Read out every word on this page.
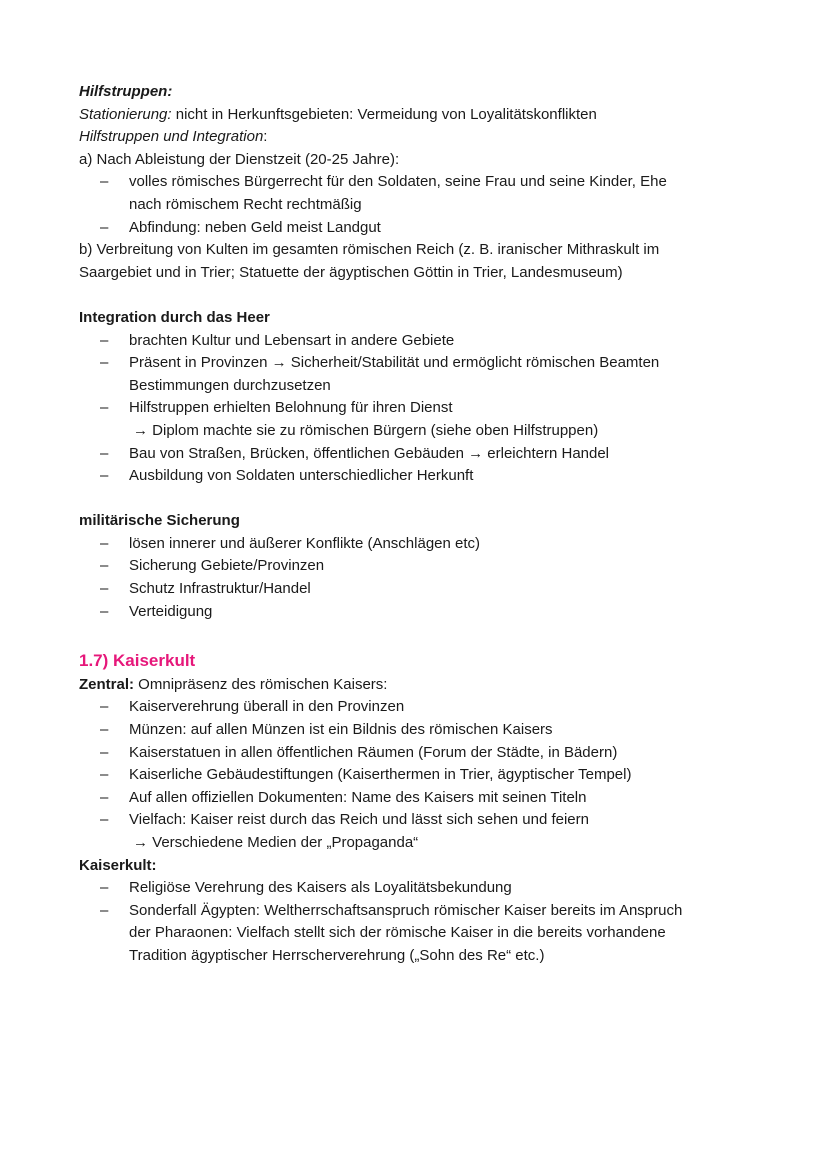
Hilfstruppen:
Stationierung: nicht in Herkunftsgebieten: Vermeidung von Loyalitätskonflikten
Hilfstruppen und Integration:
a) Nach Ableistung der Dienstzeit (20-25 Jahre):
– volles römisches Bürgerrecht für den Soldaten, seine Frau und seine Kinder, Ehe
nach römischem Recht rechtmäßig
– Abfindung: neben Geld meist Landgut
b) Verbreitung von Kulten im gesamten römischen Reich (z. B. iranischer Mithraskult im
Saargebiet und in Trier; Statuette der ägyptischen Göttin in Trier, Landesmuseum)
Integration durch das Heer
– brachten Kultur und Lebensart in andere Gebiete
– Präsent in Provinzen → Sicherheit/Stabilität und ermöglicht römischen Beamten
Bestimmungen durchzusetzen
– Hilfstruppen erhielten Belohnung für ihren Dienst
→ Diplom machte sie zu römischen Bürgern (siehe oben Hilfstruppen)
– Bau von Straßen, Brücken, öffentlichen Gebäuden → erleichtern Handel
– Ausbildung von Soldaten unterschiedlicher Herkunft
militärische Sicherung
– lösen innerer und äußerer Konflikte (Anschlägen etc)
– Sicherung Gebiete/Provinzen
– Schutz Infrastruktur/Handel
– Verteidigung
1.7) Kaiserkult
Zentral: Omnipräsenz des römischen Kaisers:
– Kaiserverehrung überall in den Provinzen
– Münzen: auf allen Münzen ist ein Bildnis des römischen Kaisers
– Kaiserstatuen in allen öffentlichen Räumen (Forum der Städte, in Bädern)
– Kaiserliche Gebäudestiftungen (Kaiserthermen in Trier, ägyptischer Tempel)
– Auf allen offiziellen Dokumenten: Name des Kaisers mit seinen Titeln
– Vielfach: Kaiser reist durch das Reich und lässt sich sehen und feiern
→ Verschiedene Medien der „Propaganda“
Kaiserkult:
– Religiöse Verehrung des Kaisers als Loyalitätsbekundung
– Sonderfall Ägypten: Weltherrschaftsanspruch römischer Kaiser bereits im Anspruch
der Pharaonen: Vielfach stellt sich der römische Kaiser in die bereits vorhandene
Tradition ägyptischer Herrscherverehrung („Sohn des Re“ etc.)
